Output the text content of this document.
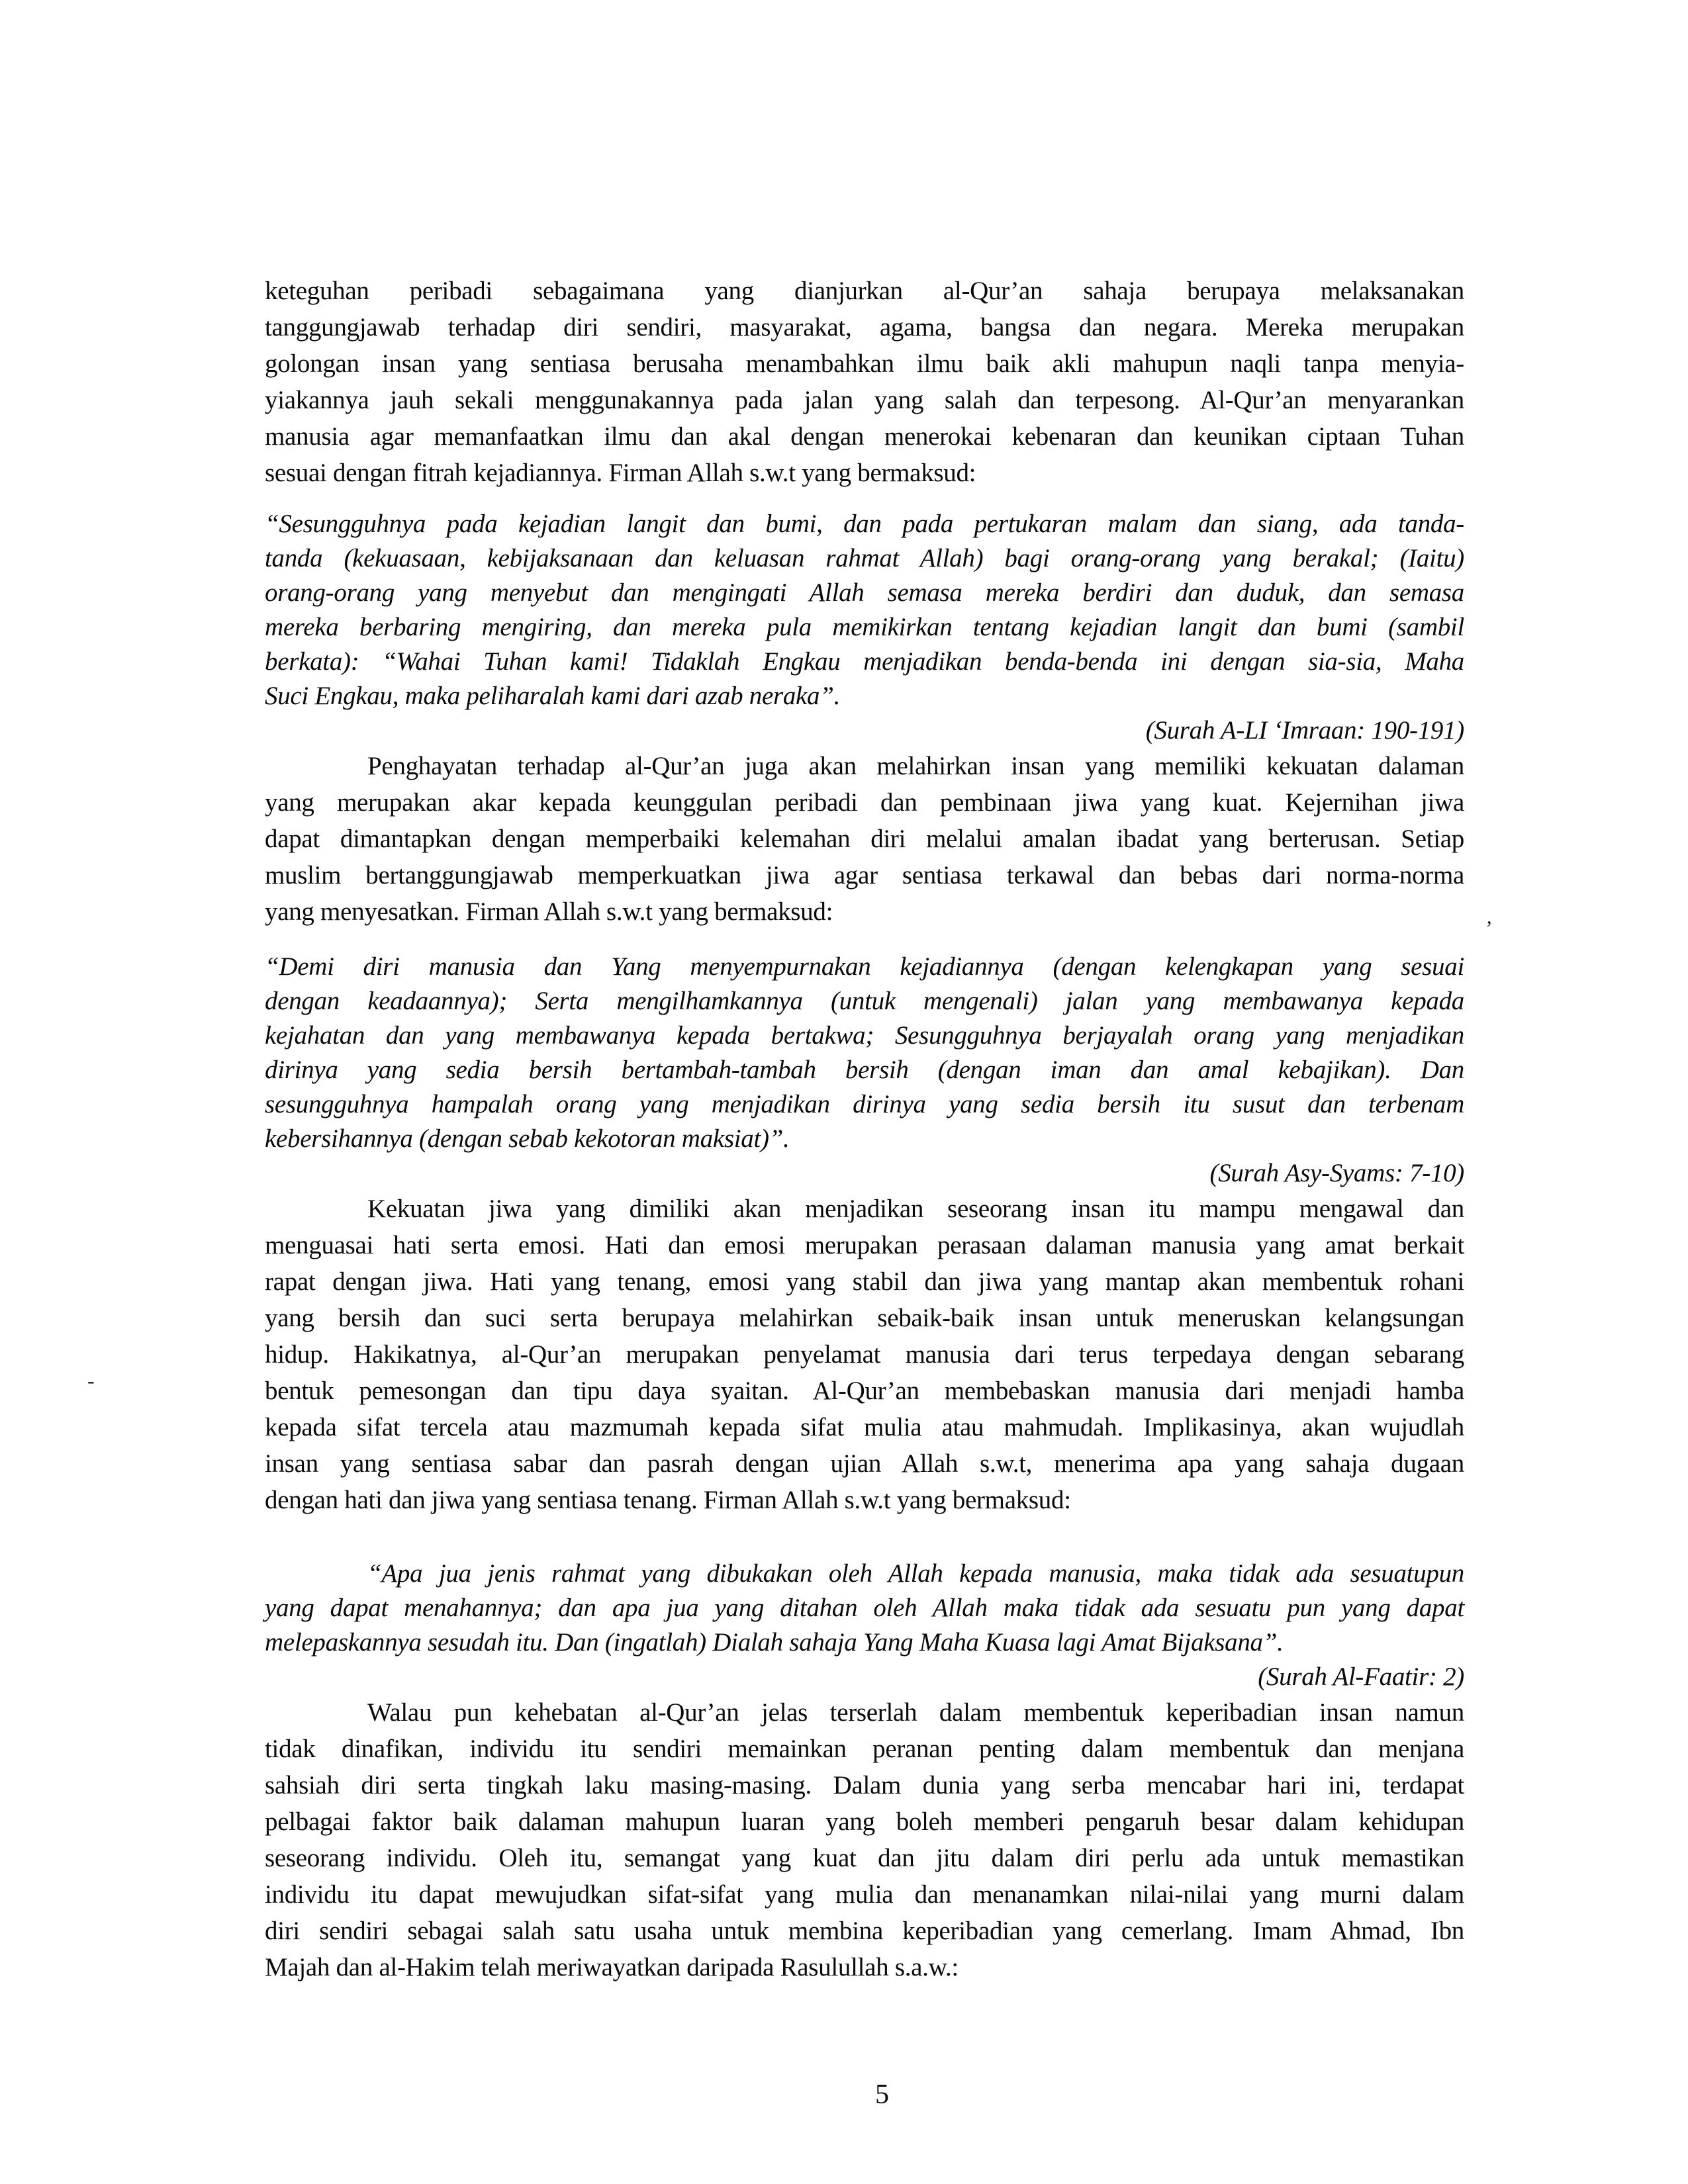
keteguhan peribadi sebagaimana yang dianjurkan al-Qur’an sahaja berupaya melaksanakan
tanggungjawab terhadap diri sendiri, masyarakat, agama, bangsa dan negara. Mereka merupakan
golongan insan yang sentiasa berusaha menambahkan ilmu baik akli mahupun naqli tanpa menyia-
yiakannya jauh sekali menggunakannya pada jalan yang salah dan terpesong. Al-Qur’an menyarankan
manusia agar memanfaatkan ilmu dan akal dengan menerokai kebenaran dan keunikan ciptaan Tuhan
sesuai dengan fitrah kejadiannya. Firman Allah s.w.t yang bermaksud:
“Sesungguhnya pada kejadian langit dan bumi, dan pada pertukaran malam dan siang, ada tanda-
tanda (kekuasaan, kebijaksanaan dan keluasan rahmat Allah) bagi orang-orang yang berakal; (Iaitu)
orang-orang yang menyebut dan mengingati Allah semasa mereka berdiri dan duduk, dan semasa
mereka berbaring mengiring, dan mereka pula memikirkan tentang kejadian langit dan bumi (sambil
berkata): “Wahai Tuhan kami! Tidaklah Engkau menjadikan benda-benda ini dengan sia-sia, Maha
Suci Engkau, maka peliharalah kami dari azab neraka”.
(Surah A-LI ‘Imraan: 190-191)
Penghayatan terhadap al-Qur’an juga akan melahirkan insan yang memiliki kekuatan dalaman
yang merupakan akar kepada keunggulan peribadi dan pembinaan jiwa yang kuat. Kejernihan jiwa
dapat dimantapkan dengan memperbaiki kelemahan diri melalui amalan ibadat yang berterusan. Setiap
muslim bertanggungjawab memperkuatkan jiwa agar sentiasa terkawal dan bebas dari norma-norma
yang menyesatkan. Firman Allah s.w.t yang bermaksud:
“Demi diri manusia dan Yang menyempurnakan kejadiannya (dengan kelengkapan yang sesuai
dengan keadaannya); Serta mengilhamkannya (untuk mengenali) jalan yang membawanya kepada
kejahatan dan yang membawanya kepada bertakwa; Sesungguhnya berjayalah orang yang menjadikan
dirinya yang sedia bersih bertambah-tambah bersih (dengan iman dan amal kebajikan). Dan
sesungguhnya hampalah orang yang menjadikan dirinya yang sedia bersih itu susut dan terbenam
kebersihannya (dengan sebab kekotoran maksiat)”.
(Surah Asy-Syams: 7-10)
Kekuatan jiwa yang dimiliki akan menjadikan seseorang insan itu mampu mengawal dan
menguasai hati serta emosi. Hati dan emosi merupakan perasaan dalaman manusia yang amat berkait
rapat dengan jiwa. Hati yang tenang, emosi yang stabil dan jiwa yang mantap akan membentuk rohani
yang bersih dan suci serta berupaya melahirkan sebaik-baik insan untuk meneruskan kelangsungan
hidup. Hakikatnya, al-Qur’an merupakan penyelamat manusia dari terus terpedaya dengan sebarang
bentuk pemesongan dan tipu daya syaitan. Al-Qur’an membebaskan manusia dari menjadi hamba
kepada sifat tercela atau mazmumah kepada sifat mulia atau mahmudah. Implikasinya, akan wujudlah
insan yang sentiasa sabar dan pasrah dengan ujian Allah s.w.t, menerima apa yang sahaja dugaan
dengan hati dan jiwa yang sentiasa tenang. Firman Allah s.w.t yang bermaksud:
“Apa jua jenis rahmat yang dibukakan oleh Allah kepada manusia, maka tidak ada sesuatupun
yang dapat menahannya; dan apa jua yang ditahan oleh Allah maka tidak ada sesuatu pun yang dapat
melepaskannya sesudah itu. Dan (ingatlah) Dialah sahaja Yang Maha Kuasa lagi Amat Bijaksana”.
(Surah Al-Faatir: 2)
Walau pun kehebatan al-Qur’an jelas terserlah dalam membentuk keperibadian insan namun
tidak dinafikan, individu itu sendiri memainkan peranan penting dalam membentuk dan menjana
sahsiah diri serta tingkah laku masing-masing. Dalam dunia yang serba mencabar hari ini, terdapat
pelbagai faktor baik dalaman mahupun luaran yang boleh memberi pengaruh besar dalam kehidupan
seseorang individu. Oleh itu, semangat yang kuat dan jitu dalam diri perlu ada untuk memastikan
individu itu dapat mewujudkan sifat-sifat yang mulia dan menanamkan nilai-nilai yang murni dalam
diri sendiri sebagai salah satu usaha untuk membina keperibadian yang cemerlang. Imam Ahmad, Ibn
Majah dan al-Hakim telah meriwayatkan daripada Rasulullah s.a.w.:
5
’
-
